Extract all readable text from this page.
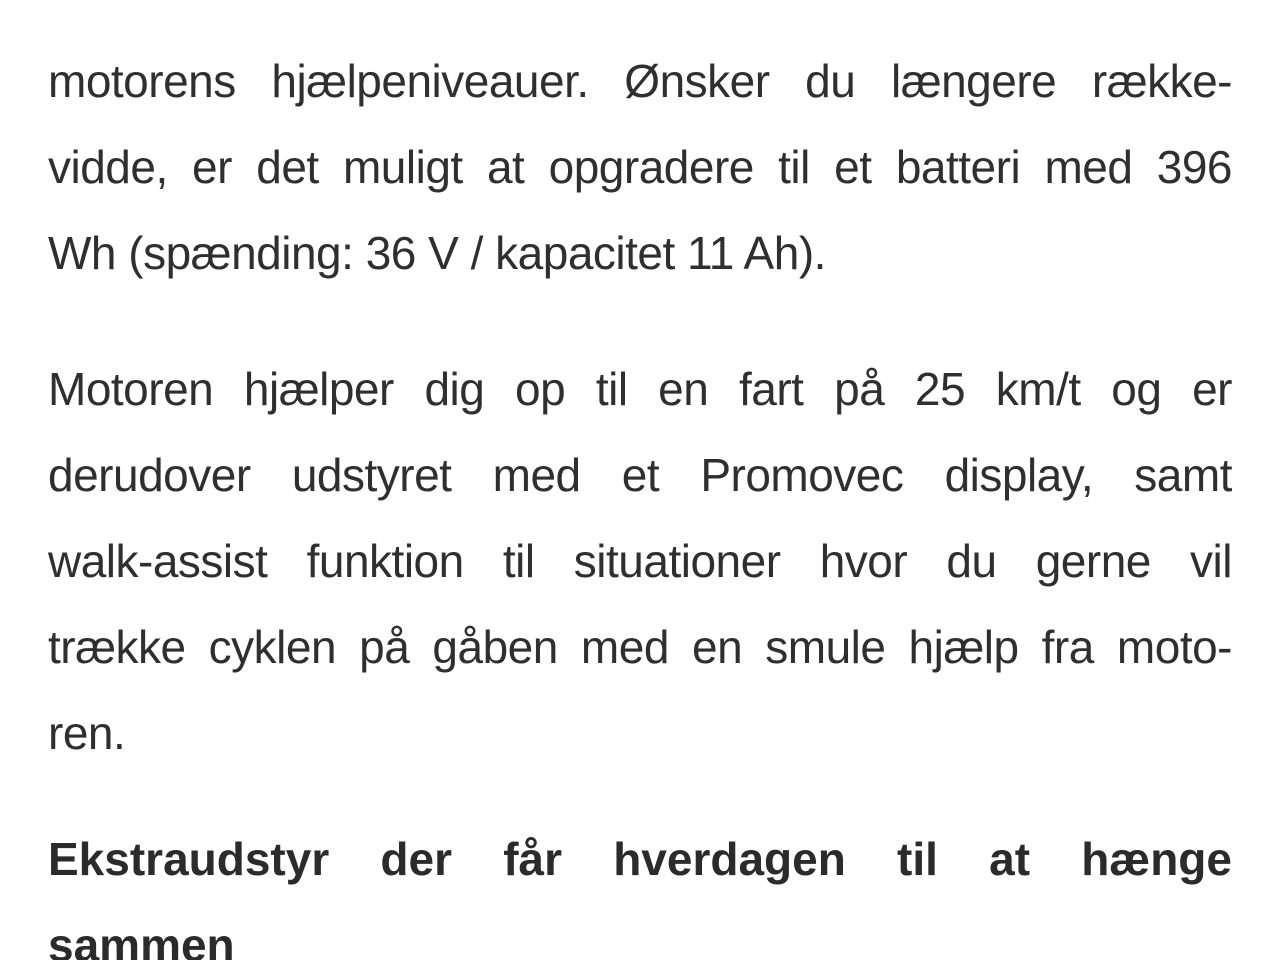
motorens hjælpeniveauer. Ønsker du længere række-
vidde, er det muligt at opgradere til et batteri med 396
Wh (spænding: 36 V / kapacitet 11 Ah).
Motoren hjælper dig op til en fart på 25 km/t og er
derudover udstyret med et Promovec display, samt
walk-assist funktion til situationer hvor du gerne vil
trække cyklen på gåben med en smule hjælp fra moto-
ren.
Ekstraudstyr der får hverdagen til at hænge
sammen
